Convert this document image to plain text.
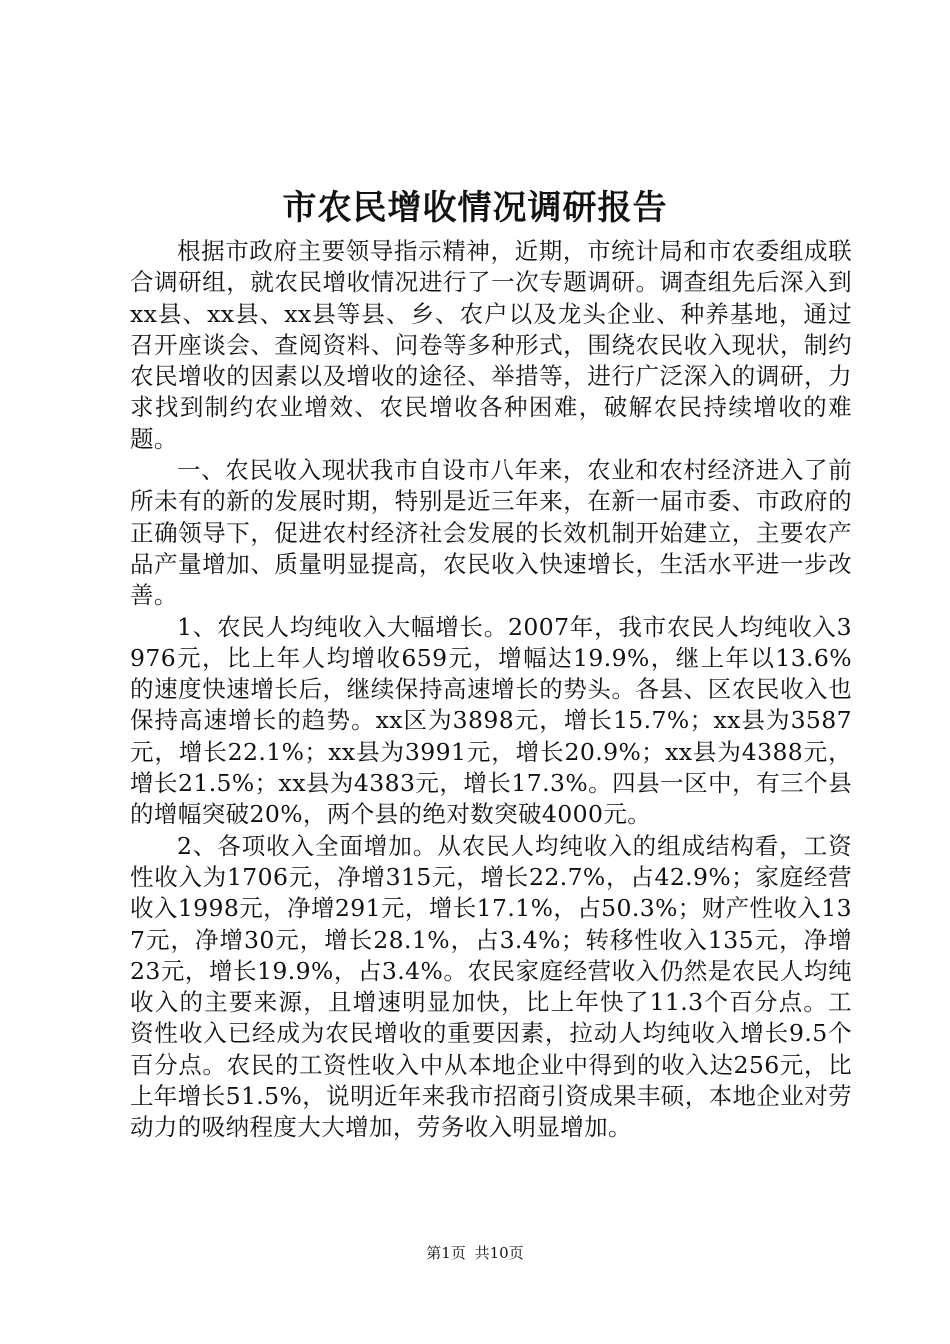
市农民增收情况调研报告

根据市政府主要领导指示精神，近期，市统计局和市农委组成联合调研组，就农民增收情况进行了一次专题调研。调查组先后深入到xx县、xx县、xx县等县、乡、农户以及龙头企业、种养基地，通过召开座谈会、查阅资料、问卷等多种形式，围绕农民收入现状，制约农民增收的因素以及增收的途径、举措等，进行广泛深入的调研，力求找到制约农业增效、农民增收各种困难，破解农民持续增收的难题。

一、农民收入现状我市自设市八年来，农业和农村经济进入了前所未有的新的发展时期，特别是近三年来，在新一届市委、市政府的正确领导下，促进农村经济社会发展的长效机制开始建立，主要农产品产量增加、质量明显提高，农民收入快速增长，生活水平进一步改善。

1、农民人均纯收入大幅增长。2007年，我市农民人均纯收入3976元，比上年人均增收659元，增幅达19.9%，继上年以13.6%的速度快速增长后，继续保持高速增长的势头。各县、区农民收入也保持高速增长的趋势。xx区为3898元，增长15.7%；xx县为3587元，增长22.1%；xx县为3991元，增长20.9%；xx县为4388元，增长21.5%；xx县为4383元，增长17.3%。四县一区中，有三个县的增幅突破20%，两个县的绝对数突破4000元。

2、各项收入全面增加。从农民人均纯收入的组成结构看，工资性收入为1706元，净增315元，增长22.7%，占42.9%；家庭经营收入1998元，净增291元，增长17.1%，占50.3%；财产性收入137元，净增30元，增长28.1%，占3.4%；转移性收入135元，净增23元，增长19.9%，占3.4%。农民家庭经营收入仍然是农民人均纯收入的主要来源，且增速明显加快，比上年快了11.3个百分点。工资性收入已经成为农民增收的重要因素，拉动人均纯收入增长9.5个百分点。农民的工资性收入中从本地企业中得到的收入达256元，比上年增长51.5%，说明近年来我市招商引资成果丰硕，本地企业对劳动力的吸纳程度大大增加，劳务收入明显增加。

第1页 共10页
